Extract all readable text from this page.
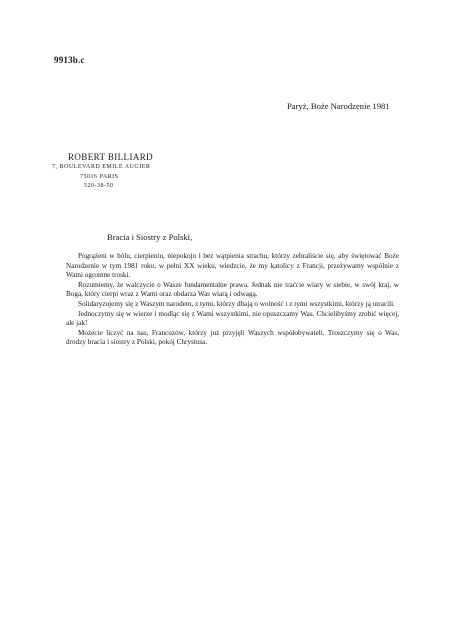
9913b.c
Paryż, Boże Narodzenie 1981
ROBERT BILLIARD
7, BOULEVARD EMILE AUGIER
75016 PARIS
520-38-50
Bracia i Siostry z Polski,

Pogrążeni w bólu, cierpieniu, niepokoju i bez wątpienia strachu, którzy zebraliście się, aby świętować Boże Narodzenie w tym 1981 roku, w pełni XX wieku, wiedzcie, że my katolicy z Francji, przeżywamy wspólnie z Wami ogromne troski.

Rozumiemy, że walczycie o Wasze fundamentalne prawa. Jednak nie traćcie wiary w siebie, w swój kraj, w Boga, który cierpi wraz z Wami oraz obdarza Was wiarą i odwagą.

Solidaryzujemy się z Waszym narodem, z tymi, którzy dbają o wolność i z tymi wszystkimi, którzy ją utracili.

Jednoczymy się w wierze i modląc się z Wami wszystkimi, nie opuszczamy Was. Chcielibyśmy zrobić więcej, ale jak!

Możecie liczyć na nas, Francuzów, którzy już przyjęli Waszych współobywateli. Troszczymy się o Was, drodzy bracia i siostry z Polski, pokój Chrystusa.
